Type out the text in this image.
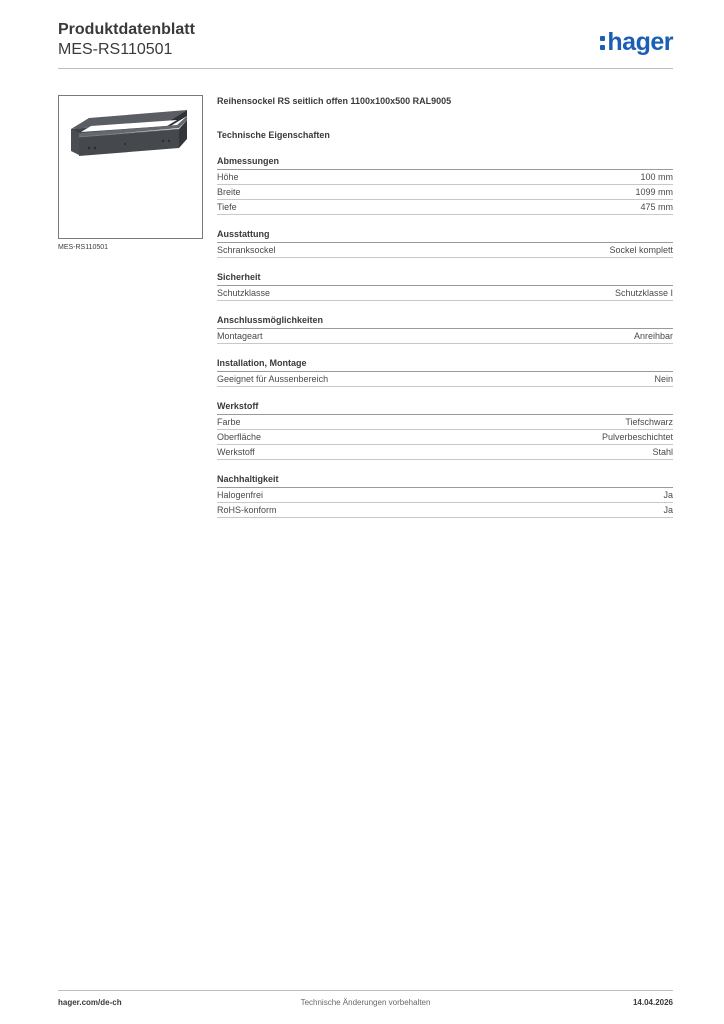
Produktdatenblatt
MES-RS110501	hager
MES-RS110501
Reihensockel RS seitlich offen 1100x100x500 RAL9005
Technische Eigenschaften
Abmessungen
Höhe	100 mm
Breite	1099 mm
Tiefe	475 mm
Ausstattung
Schranksockel	Sockel komplett
Sicherheit
Schutzklasse	Schutzklasse I
Anschlussmöglichkeiten
Montageart	Anreihbar
Installation, Montage
Geeignet für Aussenbereich	Nein
Werkstoff
Farbe	Tiefschwarz
Oberfläche	Pulverbeschichtet
Werkstoff	Stahl
Nachhaltigkeit
Halogenfrei	Ja
RoHS-konform	Ja
hager.com/de-ch	Technische Änderungen vorbehalten	14.04.2026
